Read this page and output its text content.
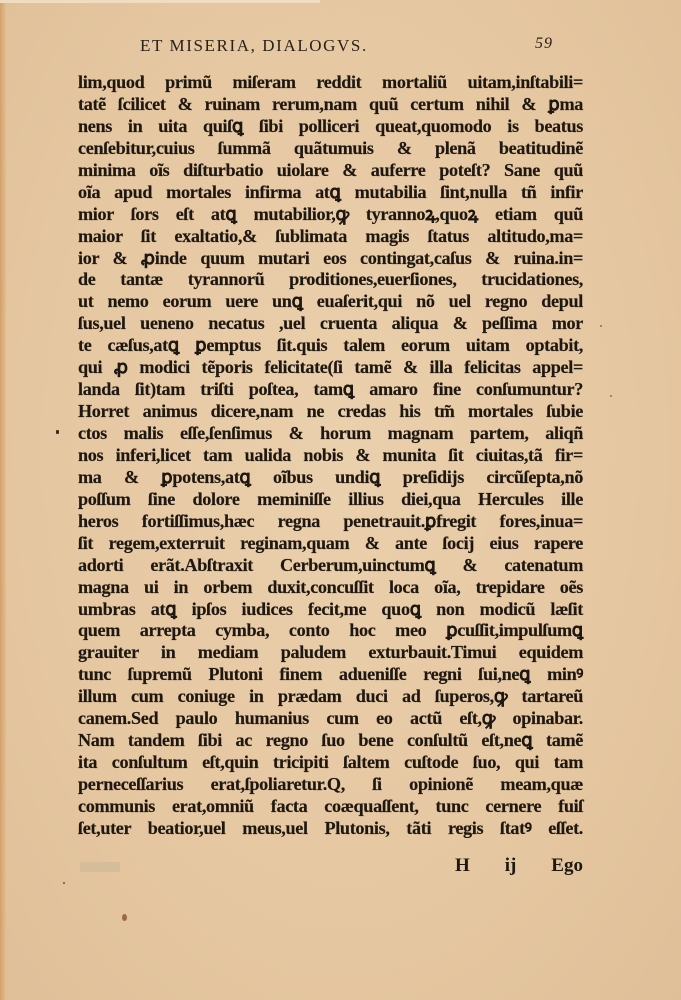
ET MISERIA, DIALOGVS.	59
lim,quod primũ miſeram reddit mortaliũ uitam,inſtabili=
tatẽ ſcilicet & ruinam rerum,nam quũ certum nihil & ꝑma
nens in uita quiſꝗ ſibi polliceri queat,quomodo is beatus
cenſebitur,cuius ſummã quãtumuis & plenã beatitudinẽ
minima oĩs diſturbatio uiolare & auferre poteſt? Sane quũ
oĩa apud mortales infirma atꝗ mutabilia ſint,nulla tñ infir
mior ſors eſt atꝗ mutabilior,ꝙ tyrannoꝝ,quoꝝ etiam quũ
maior ſit exaltatio,& ſublimata magis ſtatus altitudo,ma=
ior & ꝓinde quum mutari eos contingat,caſus & ruina.in=
de tantæ tyrannorũ proditiones,euerſiones, trucidationes,
ut nemo eorum uere unꝗ euaſerit,qui nõ uel regno depul
ſus,uel ueneno necatus ,uel cruenta aliqua & peſſima mor
te cæſus,atꝗ ꝑemptus ſit.quis talem eorum uitam optabit,
qui ꝓ modici tẽporis felicitate(ſi tamẽ & illa felicitas appel=
landa ſit)tam triſti poſtea, tamꝗ amaro fine conſumuntur?
Horret animus dicere,nam ne credas his tm̃ mortales ſubie
ctos malis eſſe,ſenſimus & horum magnam partem, aliqñ
nos inferi,licet tam ualida nobis & munita ſit ciuitas,tã fir=
ma & ꝑpotens,atꝗ oĩbus undiꝗ preſidijs circũſepta,nõ
poſſum ſine dolore meminiſſe illius diei,qua Hercules ille
heros fortiſſimus,hæc regna penetrauit.ꝑfregit fores,inua=
ſit regem,exterruit reginam,quam & ante ſocij eius rapere
adorti erãt.Abſtraxit Cerberum,uinctumꝗ & catenatum
magna ui in orbem duxit,concuſſit loca oĩa, trepidare oẽs
umbras atꝗ ipſos iudices fecit,me quoꝗ non modicũ læſit
quem arrepta cymba, conto hoc meo ꝑcuſſit,impulſumꝗ
grauiter in mediam paludem exturbauit.Timui equidem
tunc ſupremũ Plutoni finem adueniſſe regni ſui,neꝗ minꝰ
illum cum coniuge in prædam duci ad ſuperos,ꝙ tartareũ
canem.Sed paulo humanius cum eo actũ eſt,ꝙ opinabar.
Nam tandem ſibi ac regno ſuo bene conſultũ eſt,neꝗ tamẽ
ita conſultum eſt,quin tricipiti ſaltem cuſtode ſuo, qui tam
perneceſſarius erat,ſpoliaretur.Q, ſi opinionẽ meam,quæ
communis erat,omniũ facta coæquaſſent, tunc cernere fuiſ
ſet,uter beatior,uel meus,uel Plutonis, tãti regis ſtatꝰ eſſet.
H ij Ego
